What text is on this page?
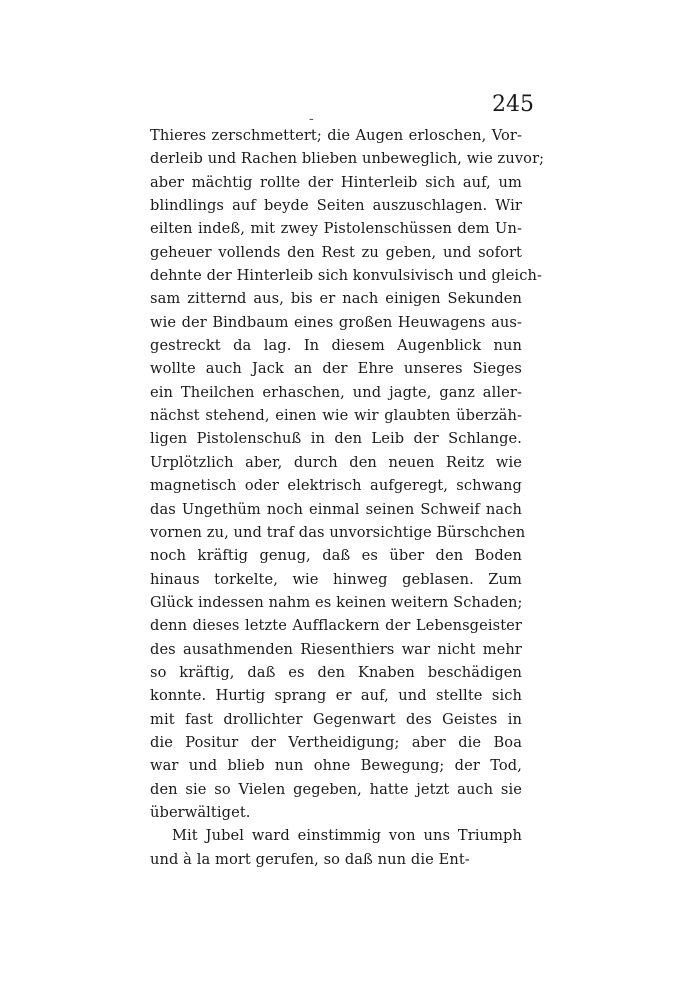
-
245
Thieres zerschmettert; die Augen erloschen, Vor-
derleib und Rachen blieben unbeweglich, wie zuvor;
aber mächtig rollte der Hinterleib sich auf, um
blindlings auf beyde Seiten auszuschlagen. Wir
eilten indeß, mit zwey Pistolenschüssen dem Un-
geheuer vollends den Rest zu geben, und sofort
dehnte der Hinterleib sich konvulsivisch und gleich-
sam zitternd aus, bis er nach einigen Sekunden
wie der Bindbaum eines großen Heuwagens aus-
gestreckt da lag. In diesem Augenblick nun
wollte auch Jack an der Ehre unseres Sieges
ein Theilchen erhaschen, und jagte, ganz aller-
nächst stehend, einen wie wir glaubten überzäh-
ligen Pistolenschuß in den Leib der Schlange.
Urplötzlich aber, durch den neuen Reitz wie
magnetisch oder elektrisch aufgeregt, schwang
das Ungethüm noch einmal seinen Schweif nach
vornen zu, und traf das unvorsichtige Bürschchen
noch kräftig genug, daß es über den Boden
hinaus torkelte, wie hinweg geblasen. Zum
Glück indessen nahm es keinen weitern Schaden;
denn dieses letzte Aufflackern der Lebensgeister
des ausathmenden Riesenthiers war nicht mehr
so kräftig, daß es den Knaben beschädigen
konnte. Hurtig sprang er auf, und stellte sich
mit fast drollichter Gegenwart des Geistes in
die Positur der Vertheidigung; aber die Boa
war und blieb nun ohne Bewegung; der Tod,
den sie so Vielen gegeben, hatte jetzt auch sie
überwältiget.
Mit Jubel ward einstimmig von uns Triumph
und à la mort gerufen, so daß nun die Ent-
